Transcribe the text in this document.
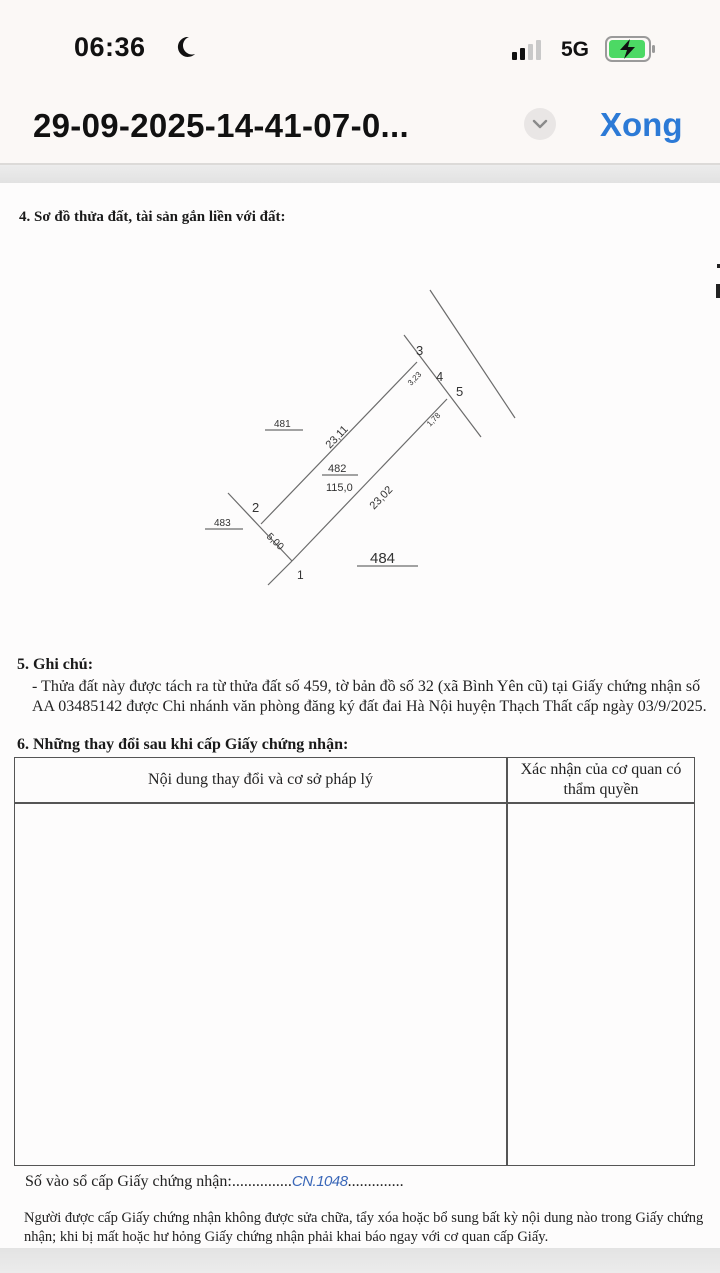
06:36	5G
29-09-2025-14-41-07-0...	Xong
4. Sơ đồ thửa đất, tài sản gắn liền với đất:
3
4
5
2
1
481
483
482
115,0
484
23,11
23,02
5,00
3,23
1,78
5. Ghi chú:
- Thửa đất này được tách ra từ thửa đất số 459, tờ bản đồ số 32 (xã Bình Yên cũ) tại Giấy chứng nhận số AA 03485142 được Chi nhánh văn phòng đăng ký đất đai Hà Nội huyện Thạch Thất cấp ngày 03/9/2025.
6. Những thay đổi sau khi cấp Giấy chứng nhận:
Nội dung thay đổi và cơ sở pháp lý
Xác nhận của cơ quan có thẩm quyền
Số vào sổ cấp Giấy chứng nhận:...............CN.1048..............
Người được cấp Giấy chứng nhận không được sửa chữa, tẩy xóa hoặc bổ sung bất kỳ nội dung nào trong Giấy chứng nhận; khi bị mất hoặc hư hỏng Giấy chứng nhận phải khai báo ngay với cơ quan cấp Giấy.
